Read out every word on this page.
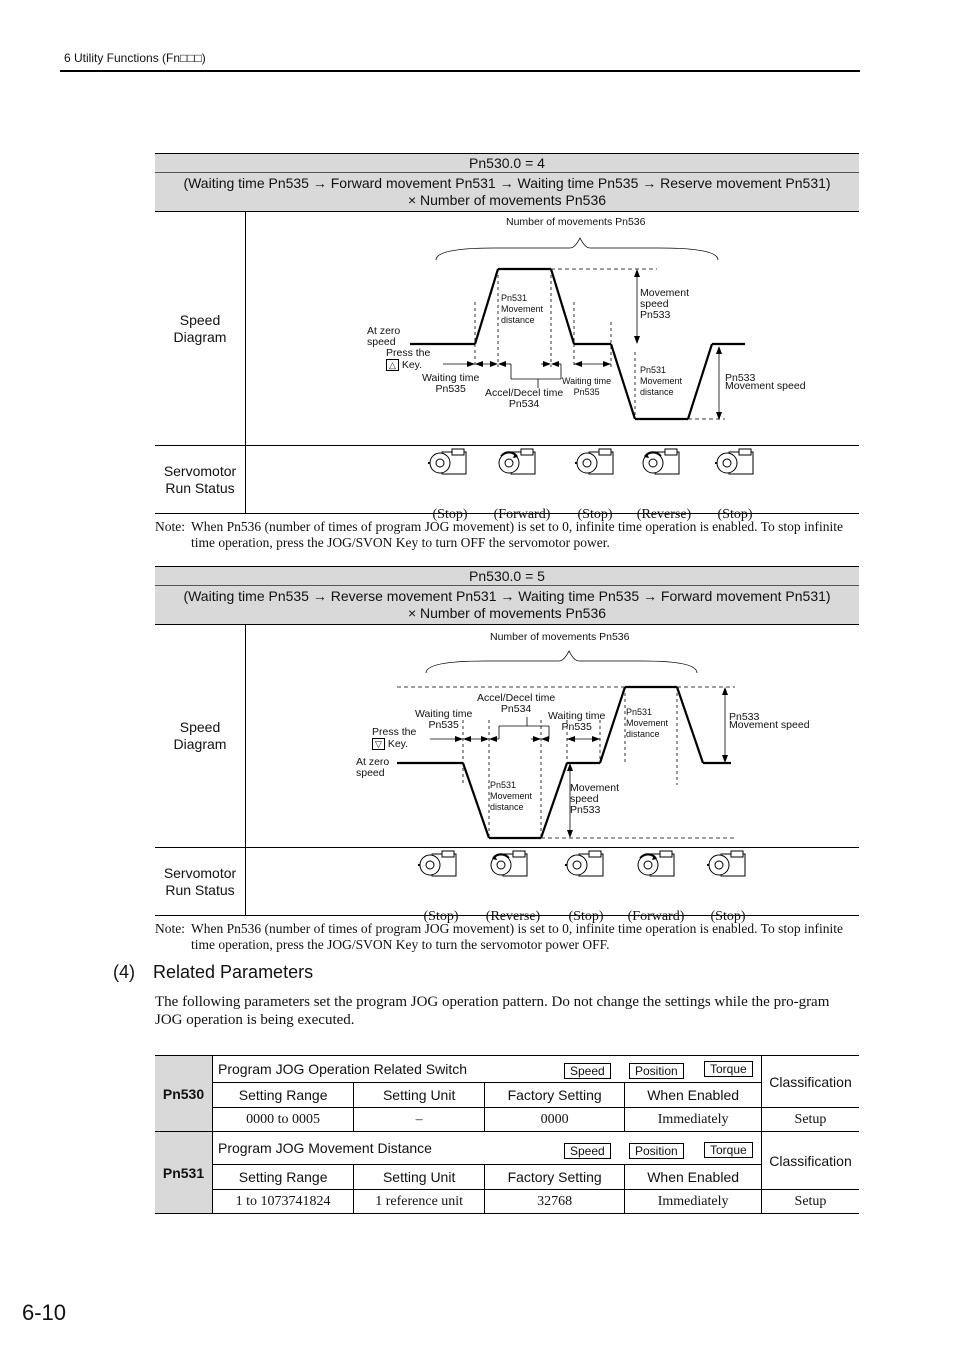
6 Utility Functions (Fn□□□)
Pn530.0 = 4
(Waiting time Pn535 → Forward movement Pn531 → Waiting time Pn535 → Reserve movement Pn531)
× Number of movements Pn536
Speed
Diagram
Number of movements Pn536
At zero
speed
Press the
△ Key.
Waiting time
Pn535	Accel/Decel time
Pn534
Waiting time
Pn535
Pn531
Movement
distance
Pn531
Movement
distance
Movement
speed
Pn533
Pn533
Movement speed
Servomotor
Run Status
(Stop) (Forward) (Stop) (Reverse) (Stop)
Note: When Pn536 (number of times of program JOG movement) is set to 0, infinite time operation is enabled. To stop infinite time operation, press the JOG/SVON Key to turn OFF the servomotor power.
Pn530.0 = 5
(Waiting time Pn535 → Reverse movement Pn531 → Waiting time Pn535 → Forward movement Pn531)
× Number of movements Pn536
Speed
Diagram
Number of movements Pn536
At zero
speed
Press the
▽ Key.
Waiting time
Pn535
Accel/Decel time
Pn534
Waiting time
Pn535
Pn531
Movement
distance
Pn531
Movement
distance
Movement
speed
Pn533
Pn533
Movement speed
Servomotor
Run Status
(Stop) (Reverse) (Stop) (Forward) (Stop)
Note: When Pn536 (number of times of program JOG movement) is set to 0, infinite time operation is enabled. To stop infinite time operation, press the JOG/SVON Key to turn the servomotor power OFF.
(4) Related Parameters
The following parameters set the program JOG operation pattern. Do not change the settings while the pro-gram JOG operation is being executed.
Pn530	Program JOG Operation Related Switch Speed Position Torque				Classification
	Setting Range	Setting Unit	Factory Setting	When Enabled	
	0000 to 0005	–	0000	Immediately	Setup
Pn531	Program JOG Movement Distance Speed Position Torque				Classification
	Setting Range	Setting Unit	Factory Setting	When Enabled	
	1 to 1073741824	1 reference unit	32768	Immediately	Setup
6-10
